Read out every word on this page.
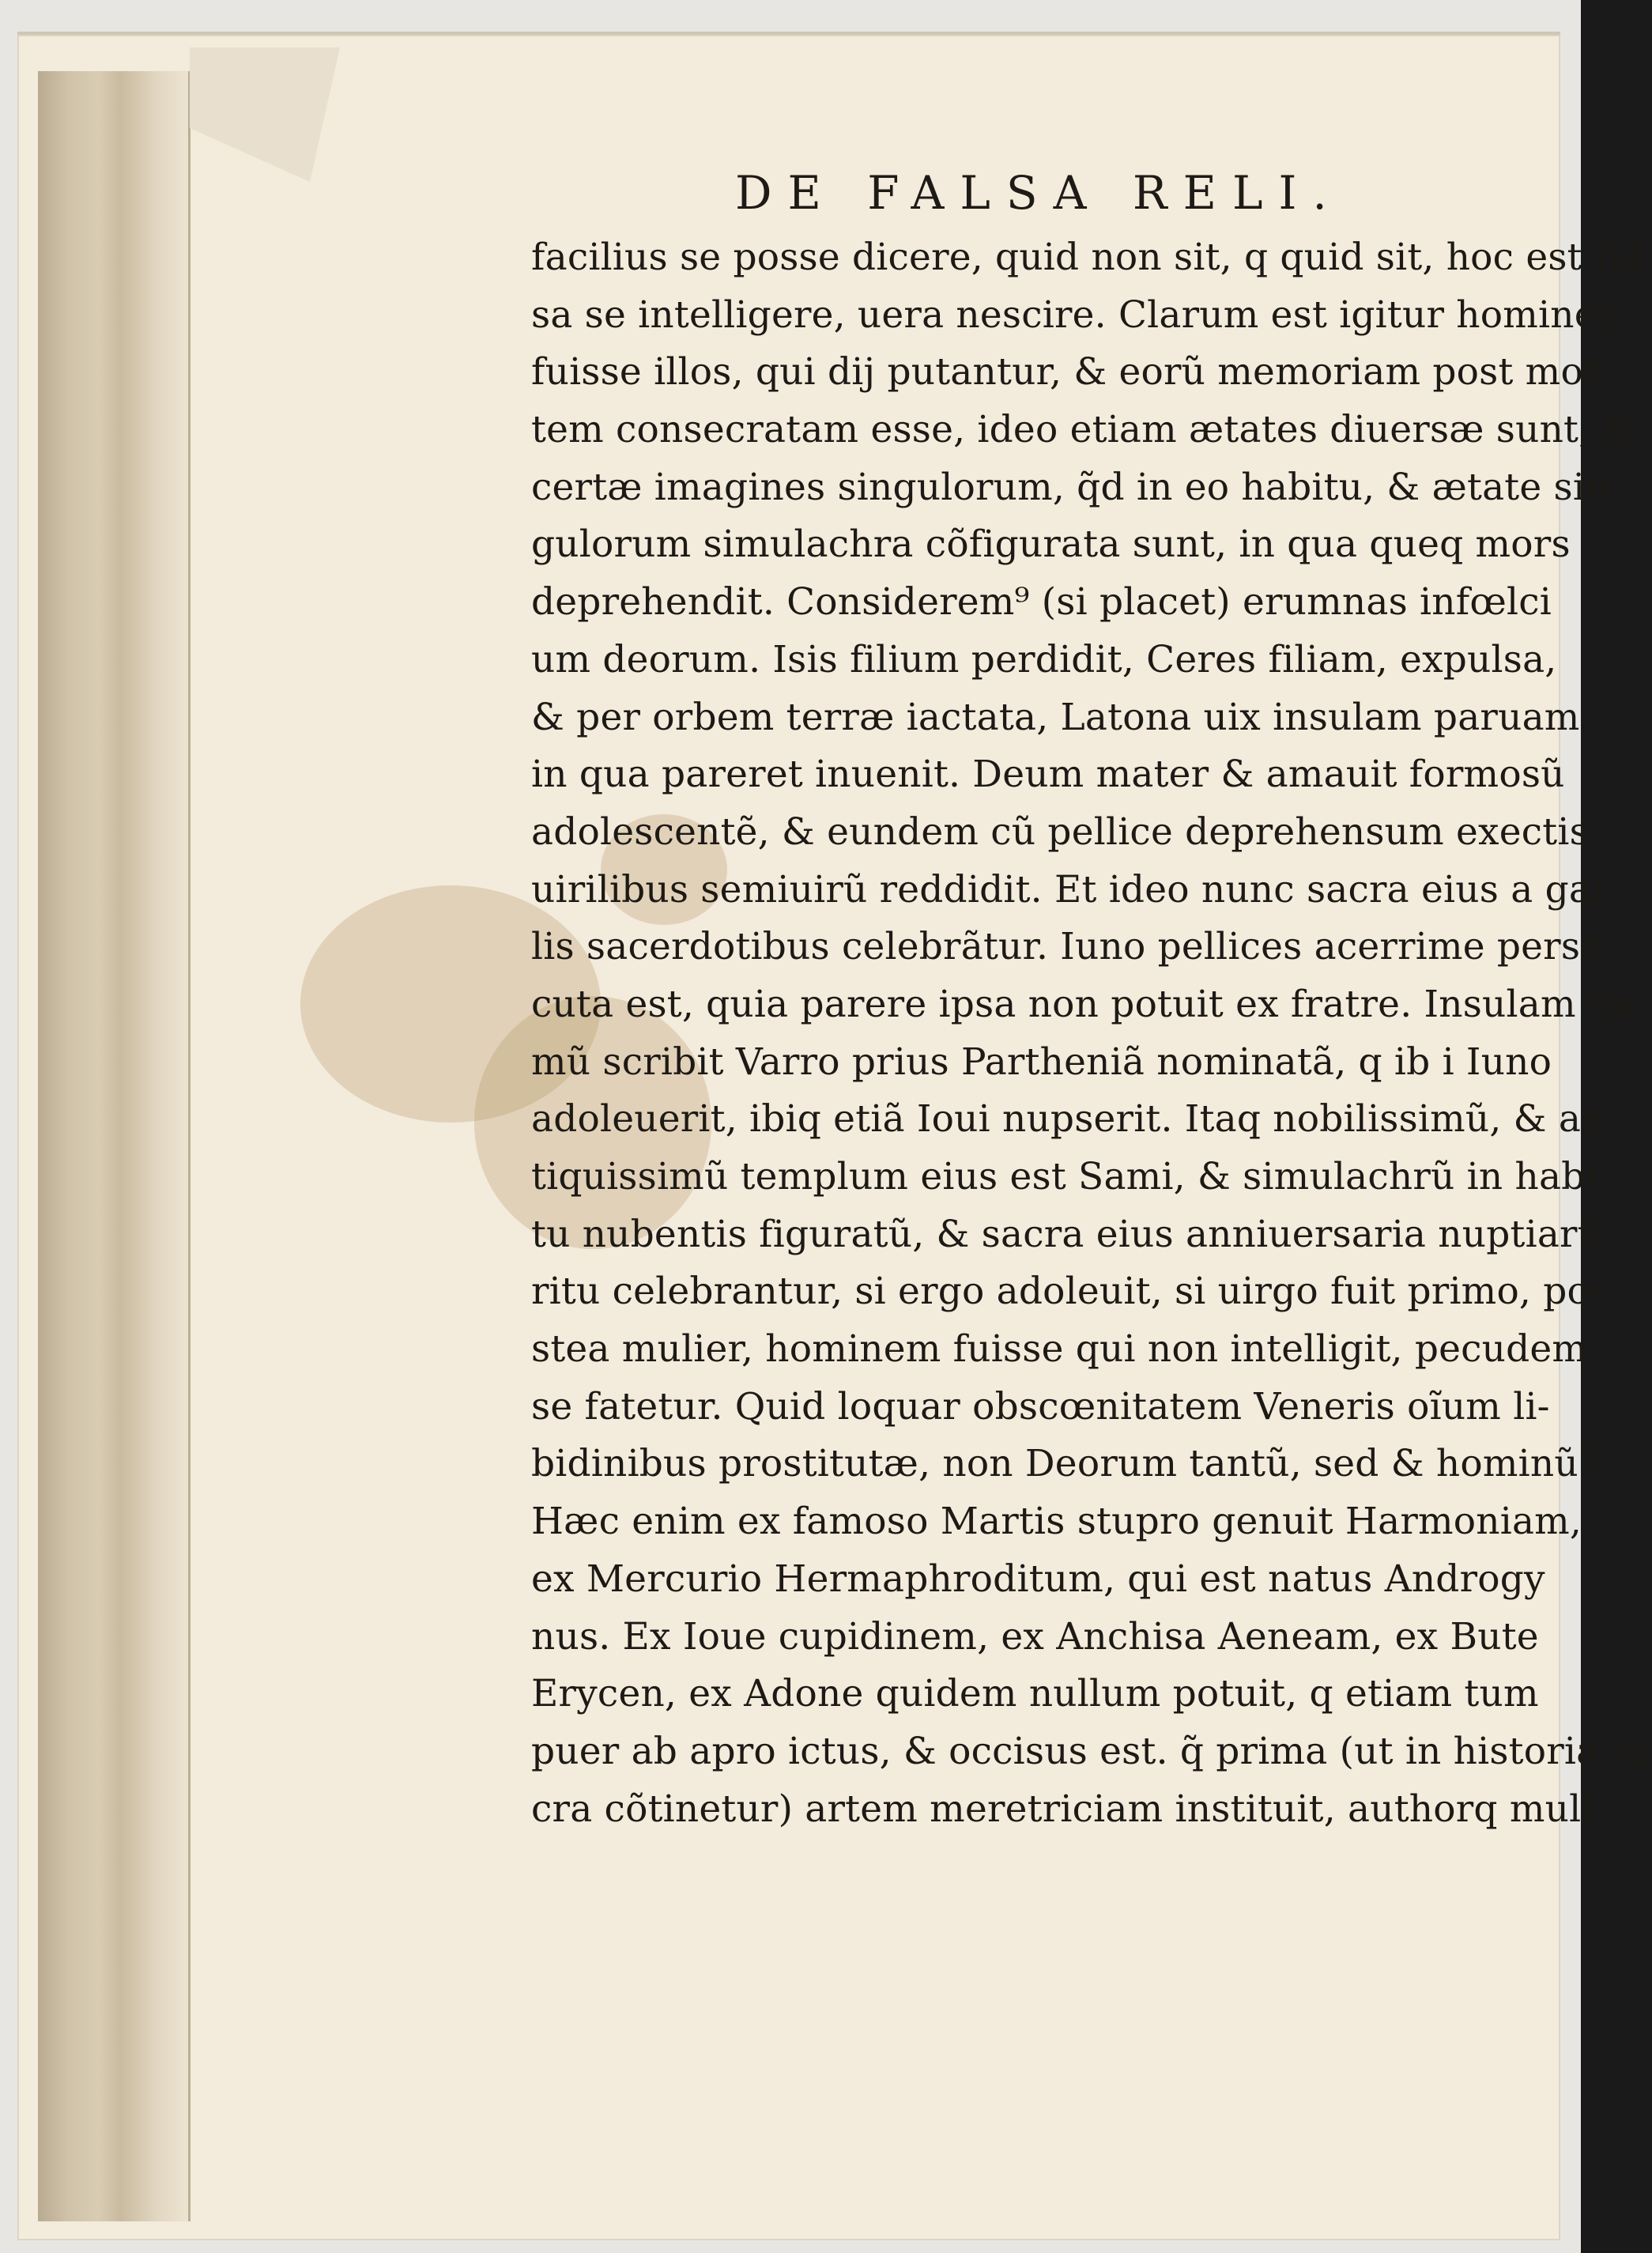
DE FALSA RELI.
facilius se posse dicere, quid non sit, q quid sit, hoc est fal
sa se intelligere, uera nescire. Clarum est igitur homines
fuisse illos, qui dij putantur, & eorũ memoriam post mor
tem consecratam esse, ideo etiam ætates diuersæ sunt, &
certæ imagines singulorum, q̃d in eo habitu, & ætate sin-
gulorum simulachra cõfigurata sunt, in qua queq mors
deprehendit. Considerem⁹ (si placet) erumnas infœlci
um deorum. Isis filium perdidit, Ceres filiam, expulsa,
& per orbem terræ iactata, Latona uix insulam paruam,
in qua pareret inuenit. Deum mater & amauit formosũ
adolescentẽ, & eundem cũ pellice deprehensum exectis
uirilibus semiuirũ reddidit. Et ideo nunc sacra eius a gal-
lis sacerdotibus celebrãtur. Iuno pellices acerrime perse
cuta est, quia parere ipsa non potuit ex fratre. Insulam Sa
mũ scribit Varro prius Partheniã nominatã, q ib i Iuno
adoleuerit, ibiq etiã Ioui nupserit. Itaq nobilissimũ, & an
tiquissimũ templum eius est Sami, & simulachrũ in habi
tu nubentis figuratũ, & sacra eius anniuersaria nuptiarũ
ritu celebrantur, si ergo adoleuit, si uirgo fuit primo, po-
stea mulier, hominem fuisse qui non intelligit, pecudem
se fatetur. Quid loquar obscœnitatem Veneris oĩum li-
bidinibus prostitutæ, non Deorum tantũ, sed & hominũ?
Hæc enim ex famoso Martis stupro genuit Harmoniam,
ex Mercurio Hermaphroditum, qui est natus Androgy
nus. Ex Ioue cupidinem, ex Anchisa Aeneam, ex Bute
Erycen, ex Adone quidem nullum potuit, q etiam tum
puer ab apro ictus, & occisus est. q̃ prima (ut in historia sa
cra cõtinetur) artem meretriciam instituit, authorq muli
